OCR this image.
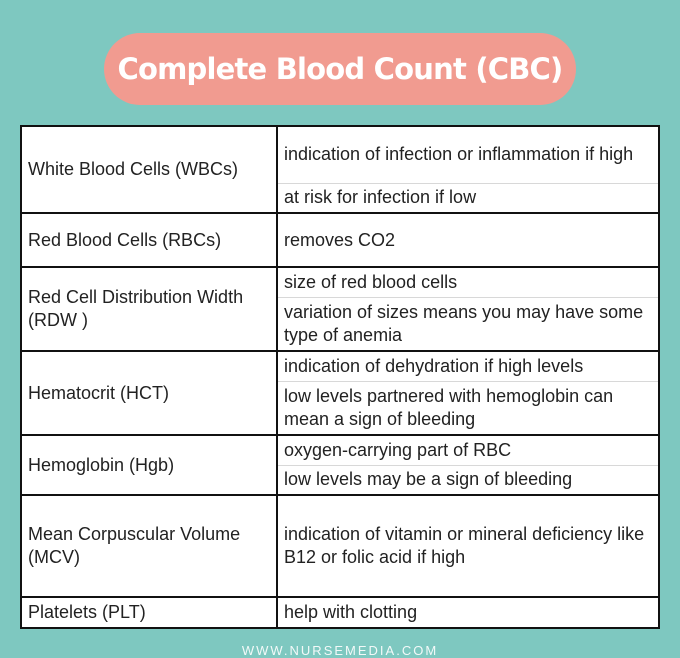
Complete Blood Count (CBC)
White Blood Cells (WBCs)	indication of infection or inflammation if high
	at risk for infection if low
Red Blood Cells (RBCs)	removes CO2
Red Cell Distribution Width (RDW )	size of red blood cells
	variation of sizes means you may have some type of anemia
Hematocrit (HCT)	indication of dehydration if high levels
	low levels partnered with hemoglobin can mean a sign of bleeding
Hemoglobin (Hgb)	oxygen-carrying part of RBC
	low levels may be a sign of bleeding
Mean Corpuscular Volume (MCV)	indication of vitamin or mineral deficiency like B12 or folic acid if high
Platelets (PLT)	help with clotting
WWW.NURSEMEDIA.COM
